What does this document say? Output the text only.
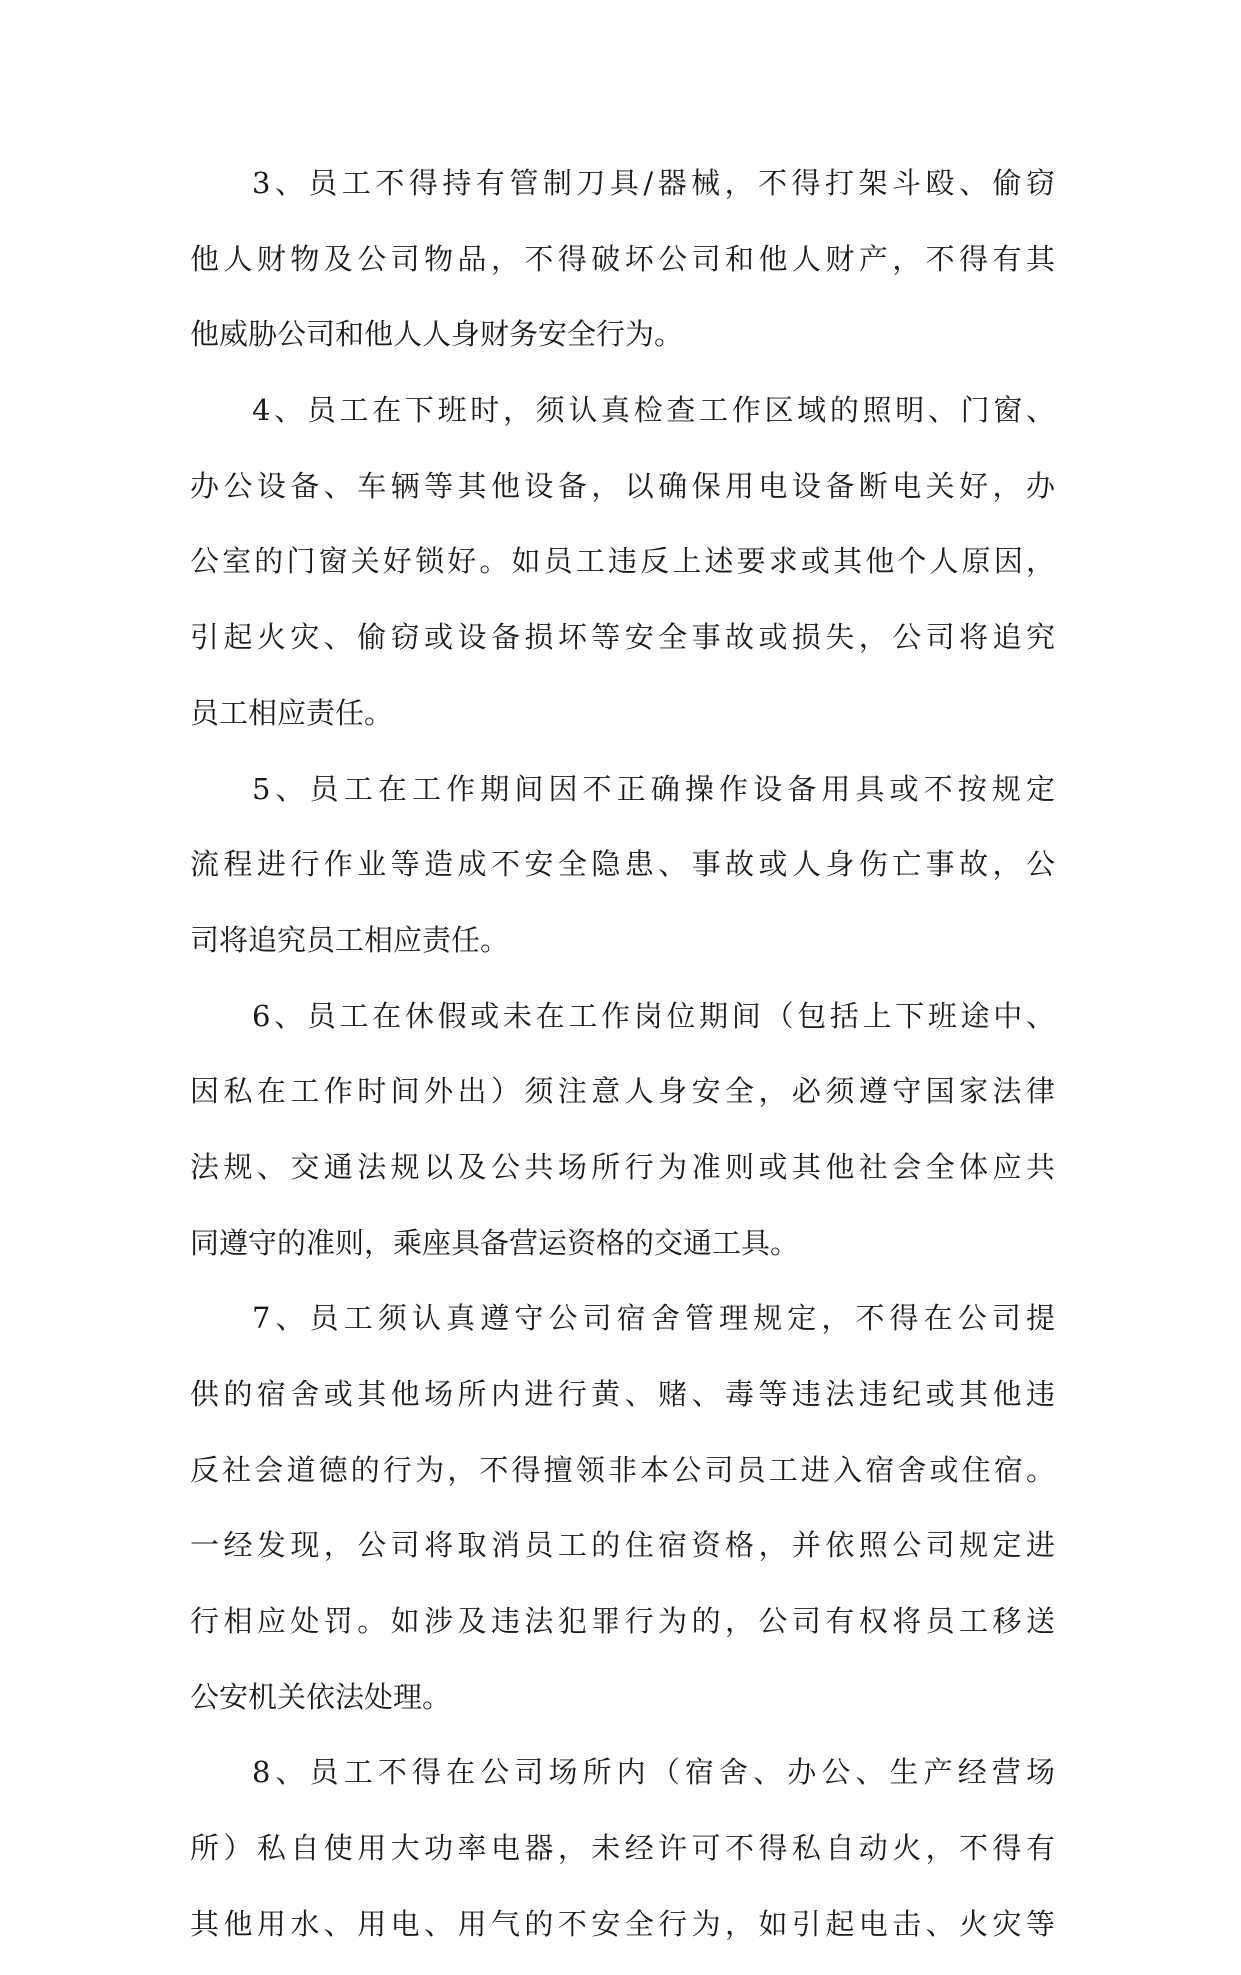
3、员工不得持有管制刀具/器械，不得打架斗殴、偷窃
他人财物及公司物品，不得破坏公司和他人财产，不得有其
他威胁公司和他人人身财务安全行为。
4、员工在下班时，须认真检查工作区域的照明、门窗、
办公设备、车辆等其他设备，以确保用电设备断电关好，办
公室的门窗关好锁好。如员工违反上述要求或其他个人原因，
引起火灾、偷窃或设备损坏等安全事故或损失，公司将追究
员工相应责任。
5、员工在工作期间因不正确操作设备用具或不按规定
流程进行作业等造成不安全隐患、事故或人身伤亡事故，公
司将追究员工相应责任。
6、员工在休假或未在工作岗位期间（包括上下班途中、
因私在工作时间外出）须注意人身安全，必须遵守国家法律
法规、交通法规以及公共场所行为准则或其他社会全体应共
同遵守的准则，乘座具备营运资格的交通工具。
7、员工须认真遵守公司宿舍管理规定，不得在公司提
供的宿舍或其他场所内进行黄、赌、毒等违法违纪或其他违
反社会道德的行为，不得擅领非本公司员工进入宿舍或住宿。
一经发现，公司将取消员工的住宿资格，并依照公司规定进
行相应处罚。如涉及违法犯罪行为的，公司有权将员工移送
公安机关依法处理。
8、员工不得在公司场所内（宿舍、办公、生产经营场
所）私自使用大功率电器，未经许可不得私自动火，不得有
其他用水、用电、用气的不安全行为，如引起电击、火灾等
